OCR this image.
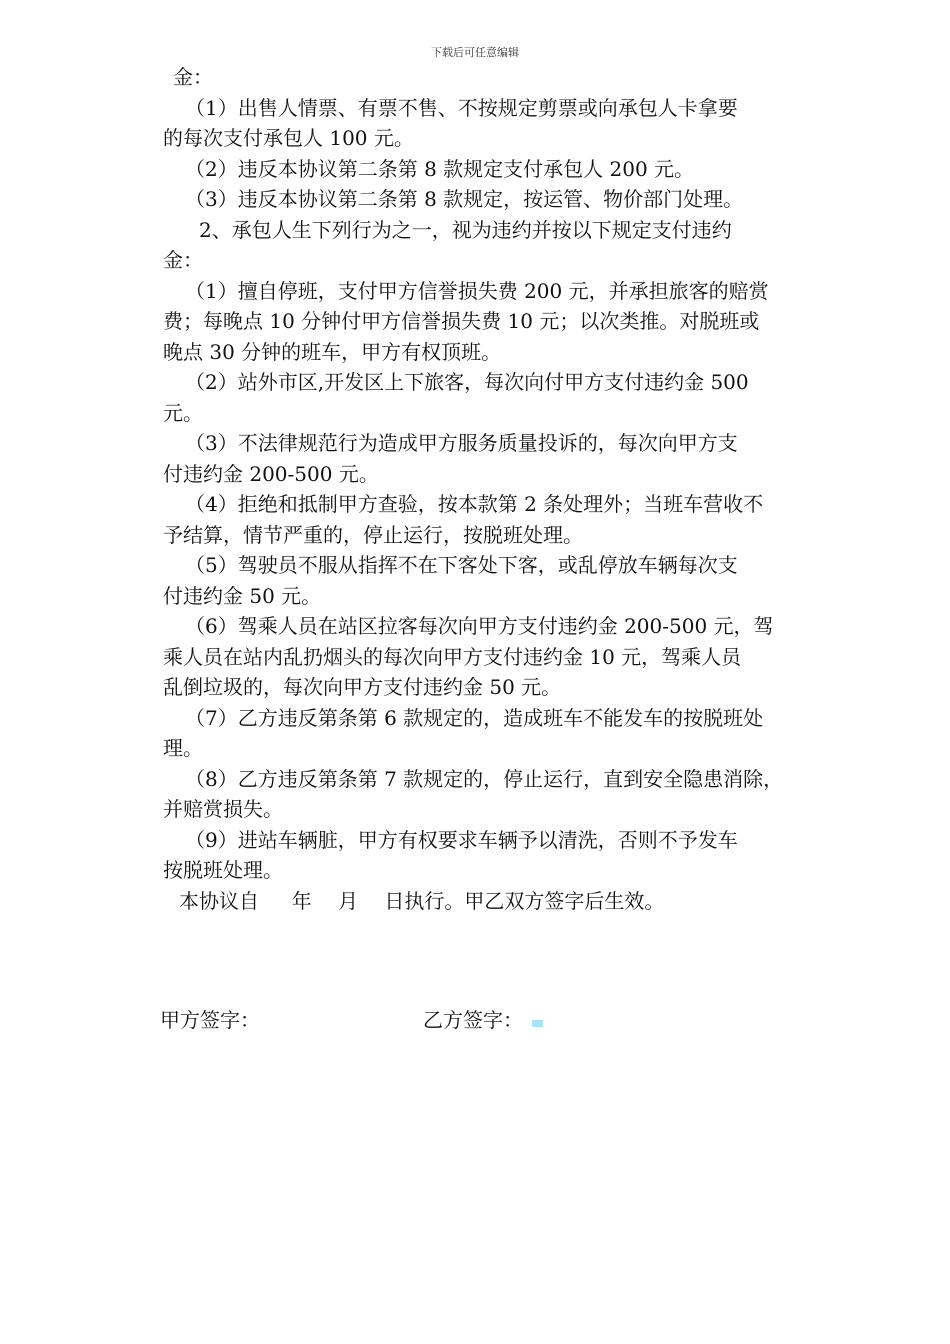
下载后可任意编辑
金：
（1）出售人情票、有票不售、不按规定剪票或向承包人卡拿要
的每次支付承包人 100 元。
（2）违反本协议第二条第 8 款规定支付承包人 200 元。
（3）违反本协议第二条第 8 款规定，按运管、物价部门处理。
2、承包人生下列行为之一，视为违约并按以下规定支付违约
金：
（1）擅自停班，支付甲方信誉损失费 200 元，并承担旅客的赔赏
费；每晚点 10 分钟付甲方信誉损失费 10 元；以次类推。对脱班或
晚点 30 分钟的班车，甲方有权顶班。
（2）站外市区,开发区上下旅客，每次向付甲方支付违约金 500
元。
（3）不法律规范行为造成甲方服务质量投诉的，每次向甲方支
付违约金 200-500 元。
（4）拒绝和抵制甲方查验，按本款第 2 条处理外；当班车营收不
予结算，情节严重的，停止运行，按脱班处理。
（5）驾驶员不服从指挥不在下客处下客，或乱停放车辆每次支
付违约金 50 元。
（6）驾乘人员在站区拉客每次向甲方支付违约金 200-500 元，驾
乘人员在站内乱扔烟头的每次向甲方支付违约金 10 元，驾乘人员
乱倒垃圾的，每次向甲方支付违约金 50 元。
（7）乙方违反第条第 6 款规定的，造成班车不能发车的按脱班处
理。
（8）乙方违反第条第 7 款规定的，停止运行，直到安全隐患消除，
并赔赏损失。
（9）进站车辆脏，甲方有权要求车辆予以清洗，否则不予发车
按脱班处理。
本协议自 　 年 　月 　日执行。甲乙双方签字后生效。
甲方签字：	乙方签字：
